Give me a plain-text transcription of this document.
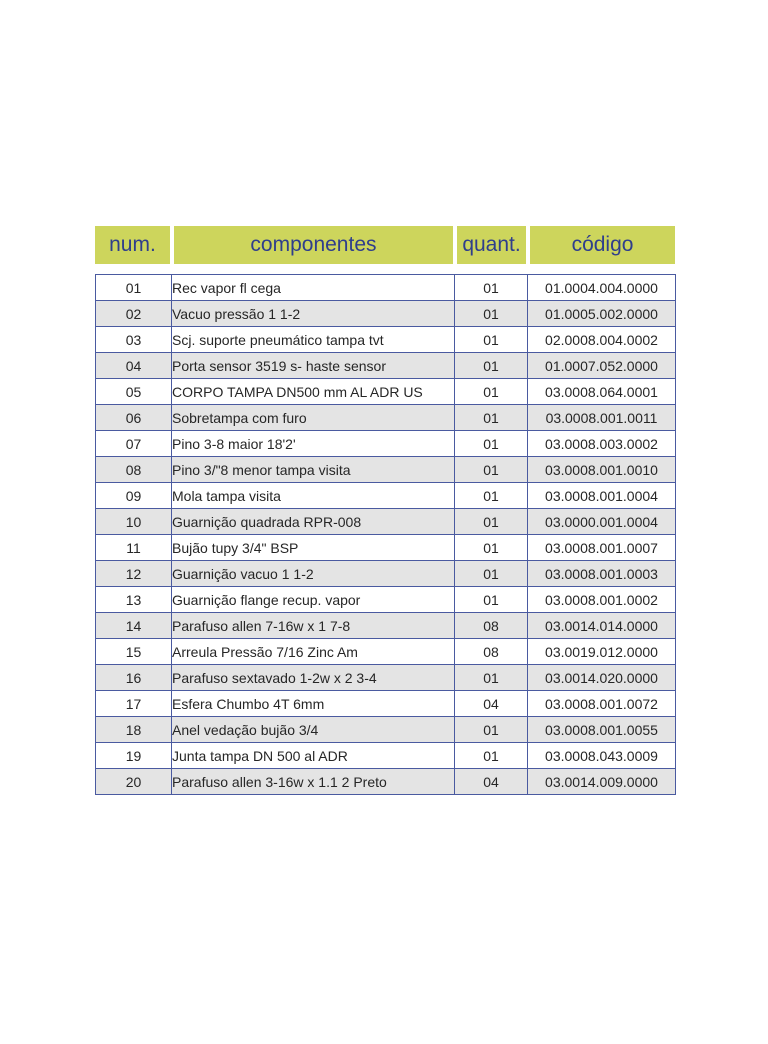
num.	componentes	quant.	código
01	Rec vapor fl cega	01	01.0004.004.0000
02	Vacuo pressão 1 1-2	01	01.0005.002.0000
03	Scj. suporte pneumático tampa tvt	01	02.0008.004.0002
04	Porta sensor 3519 s- haste sensor	01	01.0007.052.0000
05	CORPO TAMPA DN500 mm AL ADR US	01	03.0008.064.0001
06	Sobretampa com furo	01	03.0008.001.0011
07	Pino 3-8 maior 18'2'	01	03.0008.003.0002
08	Pino 3/"8 menor tampa visita	01	03.0008.001.0010
09	Mola tampa visita	01	03.0008.001.0004
10	Guarnição quadrada RPR-008	01	03.0000.001.0004
11	Bujão tupy 3/4" BSP	01	03.0008.001.0007
12	Guarnição vacuo 1 1-2	01	03.0008.001.0003
13	Guarnição flange recup. vapor	01	03.0008.001.0002
14	Parafuso allen 7-16w x 1 7-8	08	03.0014.014.0000
15	Arreula Pressão 7/16 Zinc Am	08	03.0019.012.0000
16	Parafuso sextavado 1-2w x 2 3-4	01	03.0014.020.0000
17	Esfera Chumbo 4T 6mm	04	03.0008.001.0072
18	Anel vedação bujão 3/4	01	03.0008.001.0055
19	Junta tampa DN 500 al ADR	01	03.0008.043.0009
20	Parafuso allen 3-16w x 1.1 2 Preto	04	03.0014.009.0000
